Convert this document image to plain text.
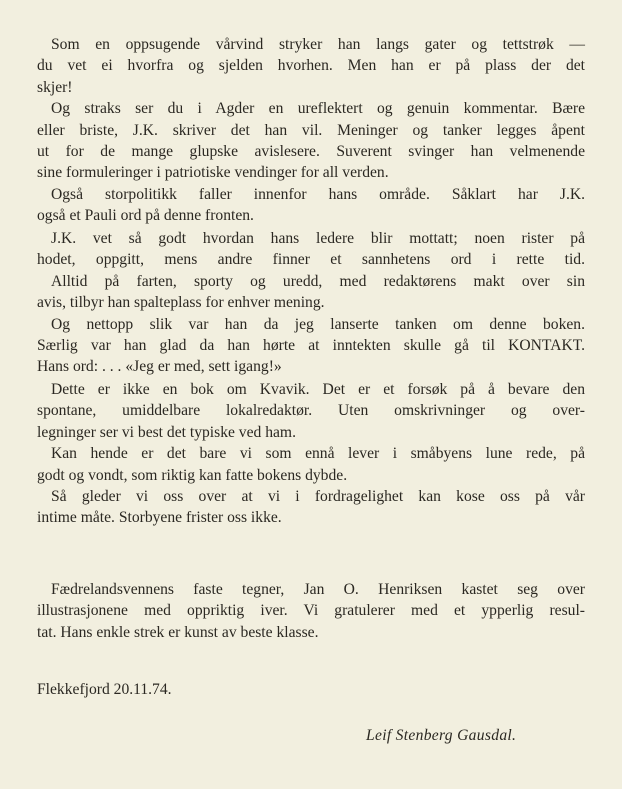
Som en oppsugende vårvind stryker han langs gater og tettstrøk —
du vet ei hvorfra og sjelden hvorhen. Men han er på plass der det
skjer!
Og straks ser du i Agder en ureflektert og genuin kommentar. Bære
eller briste, J.K. skriver det han vil. Meninger og tanker legges åpent
ut for de mange glupske avislesere. Suverent svinger han velmenende
sine formuleringer i patriotiske vendinger for all verden.
Også storpolitikk faller innenfor hans område. Såklart har J.K.
også et Pauli ord på denne fronten.
J.K. vet så godt hvordan hans ledere blir mottatt; noen rister på
hodet, oppgitt, mens andre finner et sannhetens ord i rette tid.
Alltid på farten, sporty og uredd, med redaktørens makt over sin
avis, tilbyr han spalteplass for enhver mening.
Og nettopp slik var han da jeg lanserte tanken om denne boken.
Særlig var han glad da han hørte at inntekten skulle gå til KONTAKT.
Hans ord: . . . «Jeg er med, sett igang!»
Dette er ikke en bok om Kvavik. Det er et forsøk på å bevare den
spontane, umiddelbare lokalredaktør. Uten omskrivninger og over-
legninger ser vi best det typiske ved ham.
Kan hende er det bare vi som ennå lever i småbyens lune rede, på
godt og vondt, som riktig kan fatte bokens dybde.
Så gleder vi oss over at vi i fordragelighet kan kose oss på vår
intime måte. Storbyene frister oss ikke.
Fædrelandsvennens faste tegner, Jan O. Henriksen kastet seg over
illustrasjonene med oppriktig iver. Vi gratulerer med et ypperlig resul-
tat. Hans enkle strek er kunst av beste klasse.

Flekkefjord 20.11.74.

Leif Stenberg Gausdal.
